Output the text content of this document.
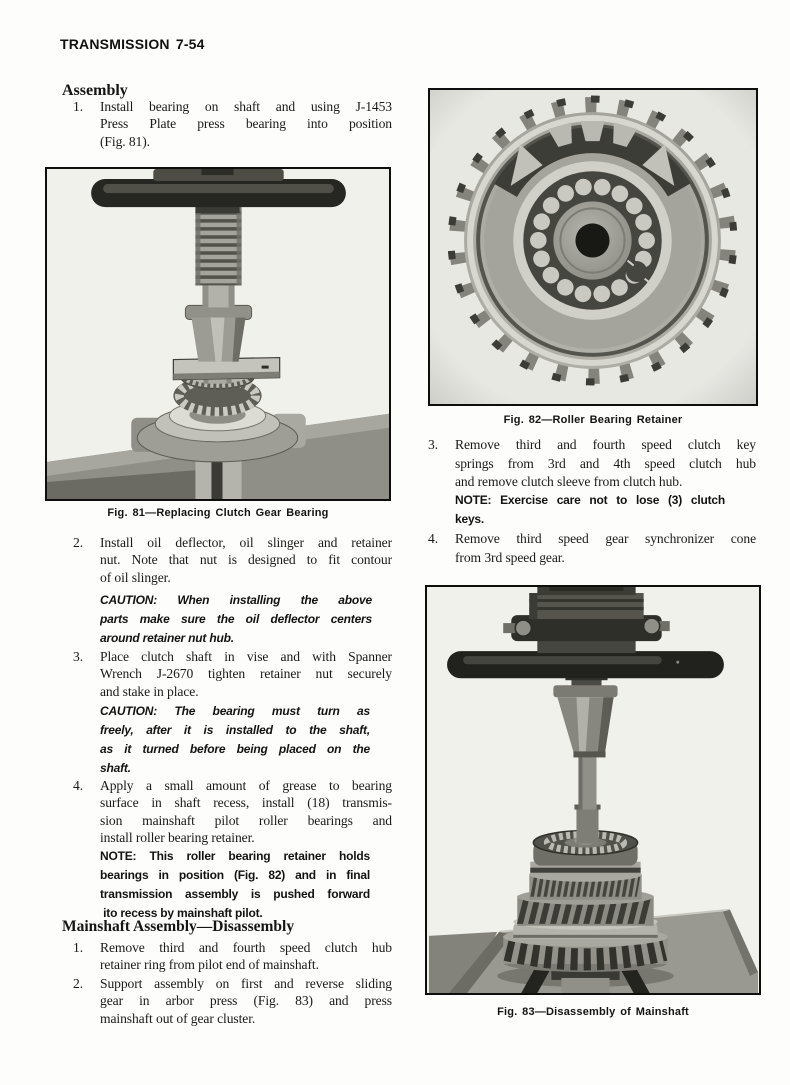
TRANSMISSION 7-54
Assembly
1. Install bearing on shaft and using J-1453
Press Plate press bearing into position
(Fig. 81).
Fig. 81—Replacing Clutch Gear Bearing
2. Install oil deflector, oil slinger and retainer
nut. Note that nut is designed to fit contour
of oil slinger.
CAUTION: When installing the above
parts make sure the oil deflector centers
around retainer nut hub.
3. Place clutch shaft in vise and with Spanner
Wrench J-2670 tighten retainer nut securely
and stake in place.
CAUTION: The bearing must turn as
freely, after it is installed to the shaft,
as it turned before being placed on the
shaft.
4. Apply a small amount of grease to bearing
surface in shaft recess, install (18) transmis-
sion mainshaft pilot roller bearings and
install roller bearing retainer.
NOTE: This roller bearing retainer holds
bearings in position (Fig. 82) and in final
transmission assembly is pushed forward
ito recess by mainshaft pilot.
Mainshaft Assembly—Disassembly
1. Remove third and fourth speed clutch hub
retainer ring from pilot end of mainshaft.
2. Support assembly on first and reverse sliding
gear in arbor press (Fig. 83) and press
mainshaft out of gear cluster.
Fig. 82—Roller Bearing Retainer
3. Remove third and fourth speed clutch key
springs from 3rd and 4th speed clutch hub
and remove clutch sleeve from clutch hub.
NOTE: Exercise care not to lose (3) clutch
keys.
4. Remove third speed gear synchronizer cone
from 3rd speed gear.
Fig. 83—Disassembly of Mainshaft
